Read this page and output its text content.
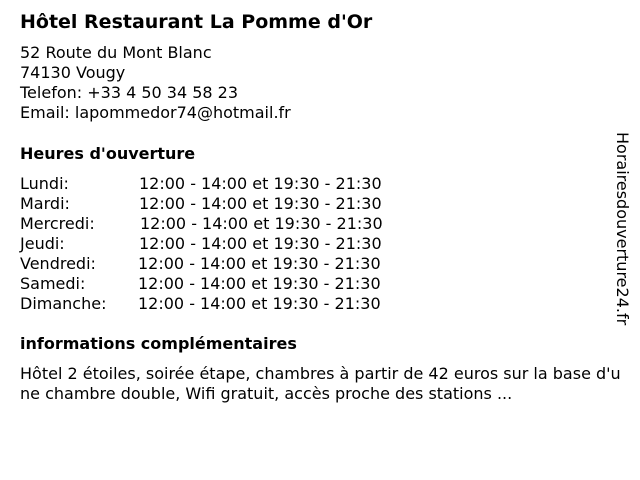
Hôtel Restaurant La Pomme d'Or
52 Route du Mont Blanc
74130 Vougy
Telefon: +33 4 50 34 58 23
Email: lapommedor74@hotmail.fr
Heures d'ouverture
Lundi:	12:00 - 14:00 et 19:30 - 21:30
Mardi:	12:00 - 14:00 et 19:30 - 21:30
Mercredi:	12:00 - 14:00 et 19:30 - 21:30
Jeudi:	12:00 - 14:00 et 19:30 - 21:30
Vendredi:	12:00 - 14:00 et 19:30 - 21:30
Samedi:	12:00 - 14:00 et 19:30 - 21:30
Dimanche: 12:00 - 14:00 et 19:30 - 21:30
informations complémentaires
Hôtel 2 étoiles, soirée étape, chambres à partir de 42 euros sur la base d'une chambre double, Wifi gratuit, accès proche des stations ...
Horairesdouverture24.fr
